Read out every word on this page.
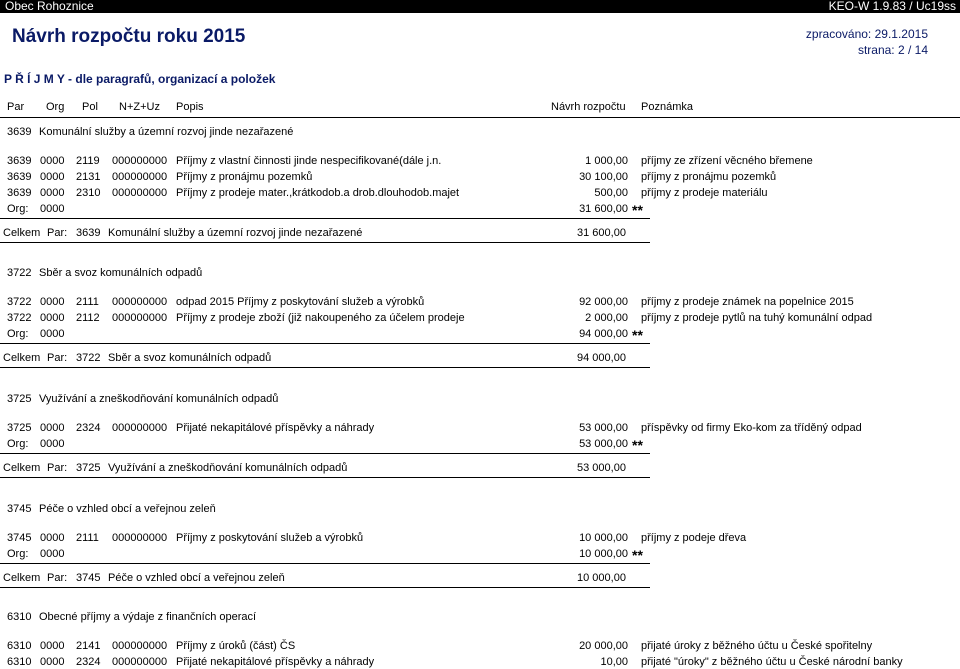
Obec Rohoznice	KEO-W 1.9.83 / Uc19ss
Návrh rozpočtu roku 2015	zpracováno: 29.1.2015
strana: 2 / 14
P Ř Í J M Y - dle paragrafů, organizací a položek
Par Org Pol N+Z+Uz Popis	Návrh rozpočtu Poznámka
3639 Komunální služby a územní rozvoj jinde nezařazené
3639 0000 2119 000000000 Příjmy z vlastní činnosti jinde nespecifikované(dále j.n.	1 000,00 příjmy ze zřízení věcného břemene
3639 0000 2131 000000000 Příjmy z pronájmu pozemků	30 100,00 příjmy z pronájmu pozemků
3639 0000 2310 000000000 Příjmy z prodeje mater.,krátkodob.a drob.dlouhodob.majet	500,00 příjmy z prodeje materiálu
Org: 0000	31 600,00 **
Celkem Par: 3639 Komunální služby a územní rozvoj jinde nezařazené	31 600,00
3722 Sběr a svoz komunálních odpadů
3722 0000 2111 000000000 odpad 2015 Příjmy z poskytování služeb a výrobků	92 000,00 příjmy z prodeje známek na popelnice 2015
3722 0000 2112 000000000 Příjmy z prodeje zboží (již nakoupeného za účelem prodeje	2 000,00 příjmy z prodeje pytlů na tuhý komunální odpad
Org: 0000	94 000,00 **
Celkem Par: 3722 Sběr a svoz komunálních odpadů	94 000,00
3725 Využívání a zneškodňování komunálních odpadů
3725 0000 2324 000000000 Přijaté nekapitálové příspěvky a náhrady	53 000,00 příspěvky od firmy Eko-kom za tříděný odpad
Org: 0000	53 000,00 **
Celkem Par: 3725 Využívání a zneškodňování komunálních odpadů	53 000,00
3745 Péče o vzhled obcí a veřejnou zeleň
3745 0000 2111 000000000 Příjmy z poskytování služeb a výrobků	10 000,00 příjmy z podeje dřeva
Org: 0000	10 000,00 **
Celkem Par: 3745 Péče o vzhled obcí a veřejnou zeleň	10 000,00
6310 Obecné příjmy a výdaje z finančních operací
6310 0000 2141 000000000 Příjmy z úroků (část) ČS	20 000,00 přijaté úroky z běžného účtu u České spořitelny
6310 0000 2324 000000000 Přijaté nekapitálové příspěvky a náhrady	10,00 přijaté "úroky" z běžného účtu u České národní banky
